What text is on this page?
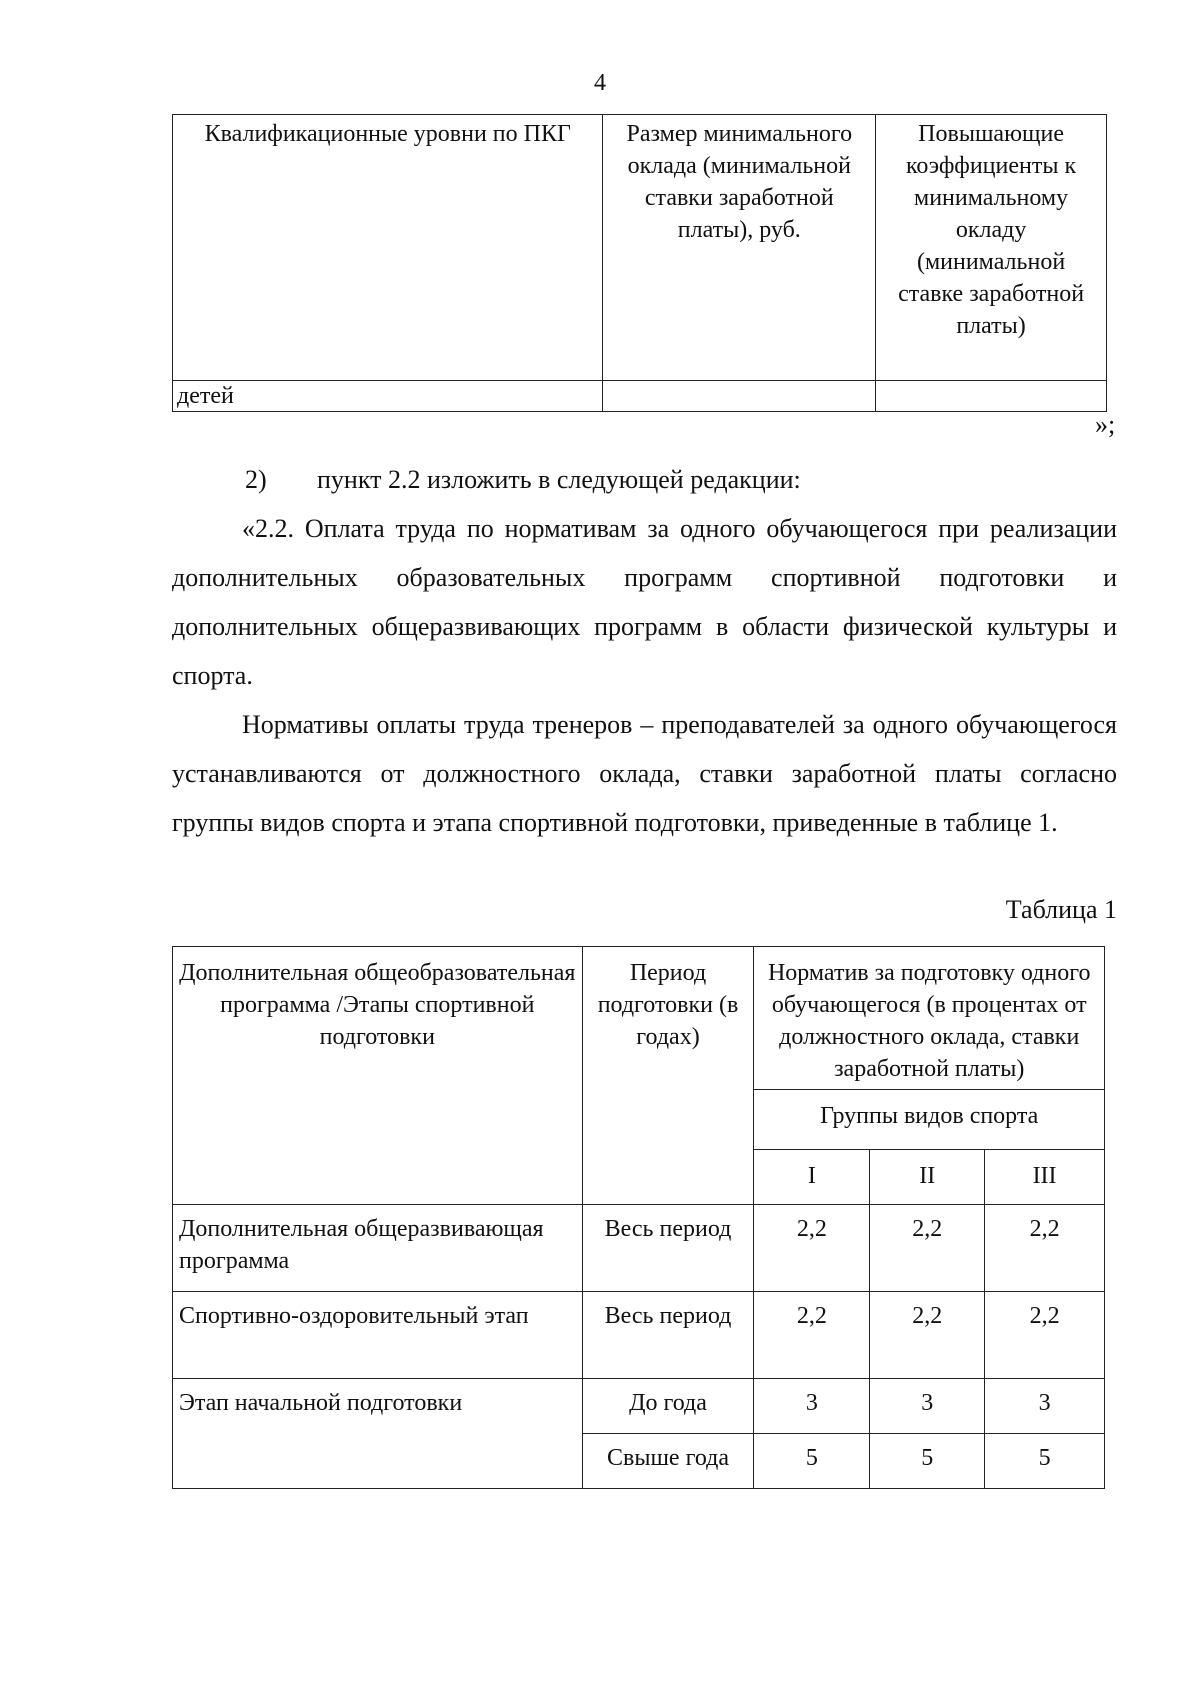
4
Квалификационные уровни по ПКГ	Размер минимального оклада (минимальной ставки заработной платы), руб.	Повышающие коэффициенты к минимальному окладу (минимальной ставке заработной платы)
детей		
»;
2) пункт 2.2 изложить в следующей редакции:
«2.2. Оплата труда по нормативам за одного обучающегося при реализации дополнительных образовательных программ спортивной подготовки и дополнительных общеразвивающих программ в области физической культуры и спорта.
Нормативы оплаты труда тренеров – преподавателей за одного обучающегося устанавливаются от должностного оклада, ставки заработной платы согласно группы видов спорта и этапа спортивной подготовки, приведенные в таблице 1.
Таблица 1
Дополнительная общеобразовательная программа /Этапы спортивной подготовки	Период подготовки (в годах)	Норматив за подготовку одного обучающегося (в процентах от должностного оклада, ставки заработной платы)		
		Группы видов спорта		
		I	II	III
Дополнительная общеразвивающая программа	Весь период	2,2	2,2	2,2
Спортивно-оздоровительный этап	Весь период	2,2	2,2	2,2
Этап начальной подготовки	До года	3	3	3
	Свыше года	5	5	5
